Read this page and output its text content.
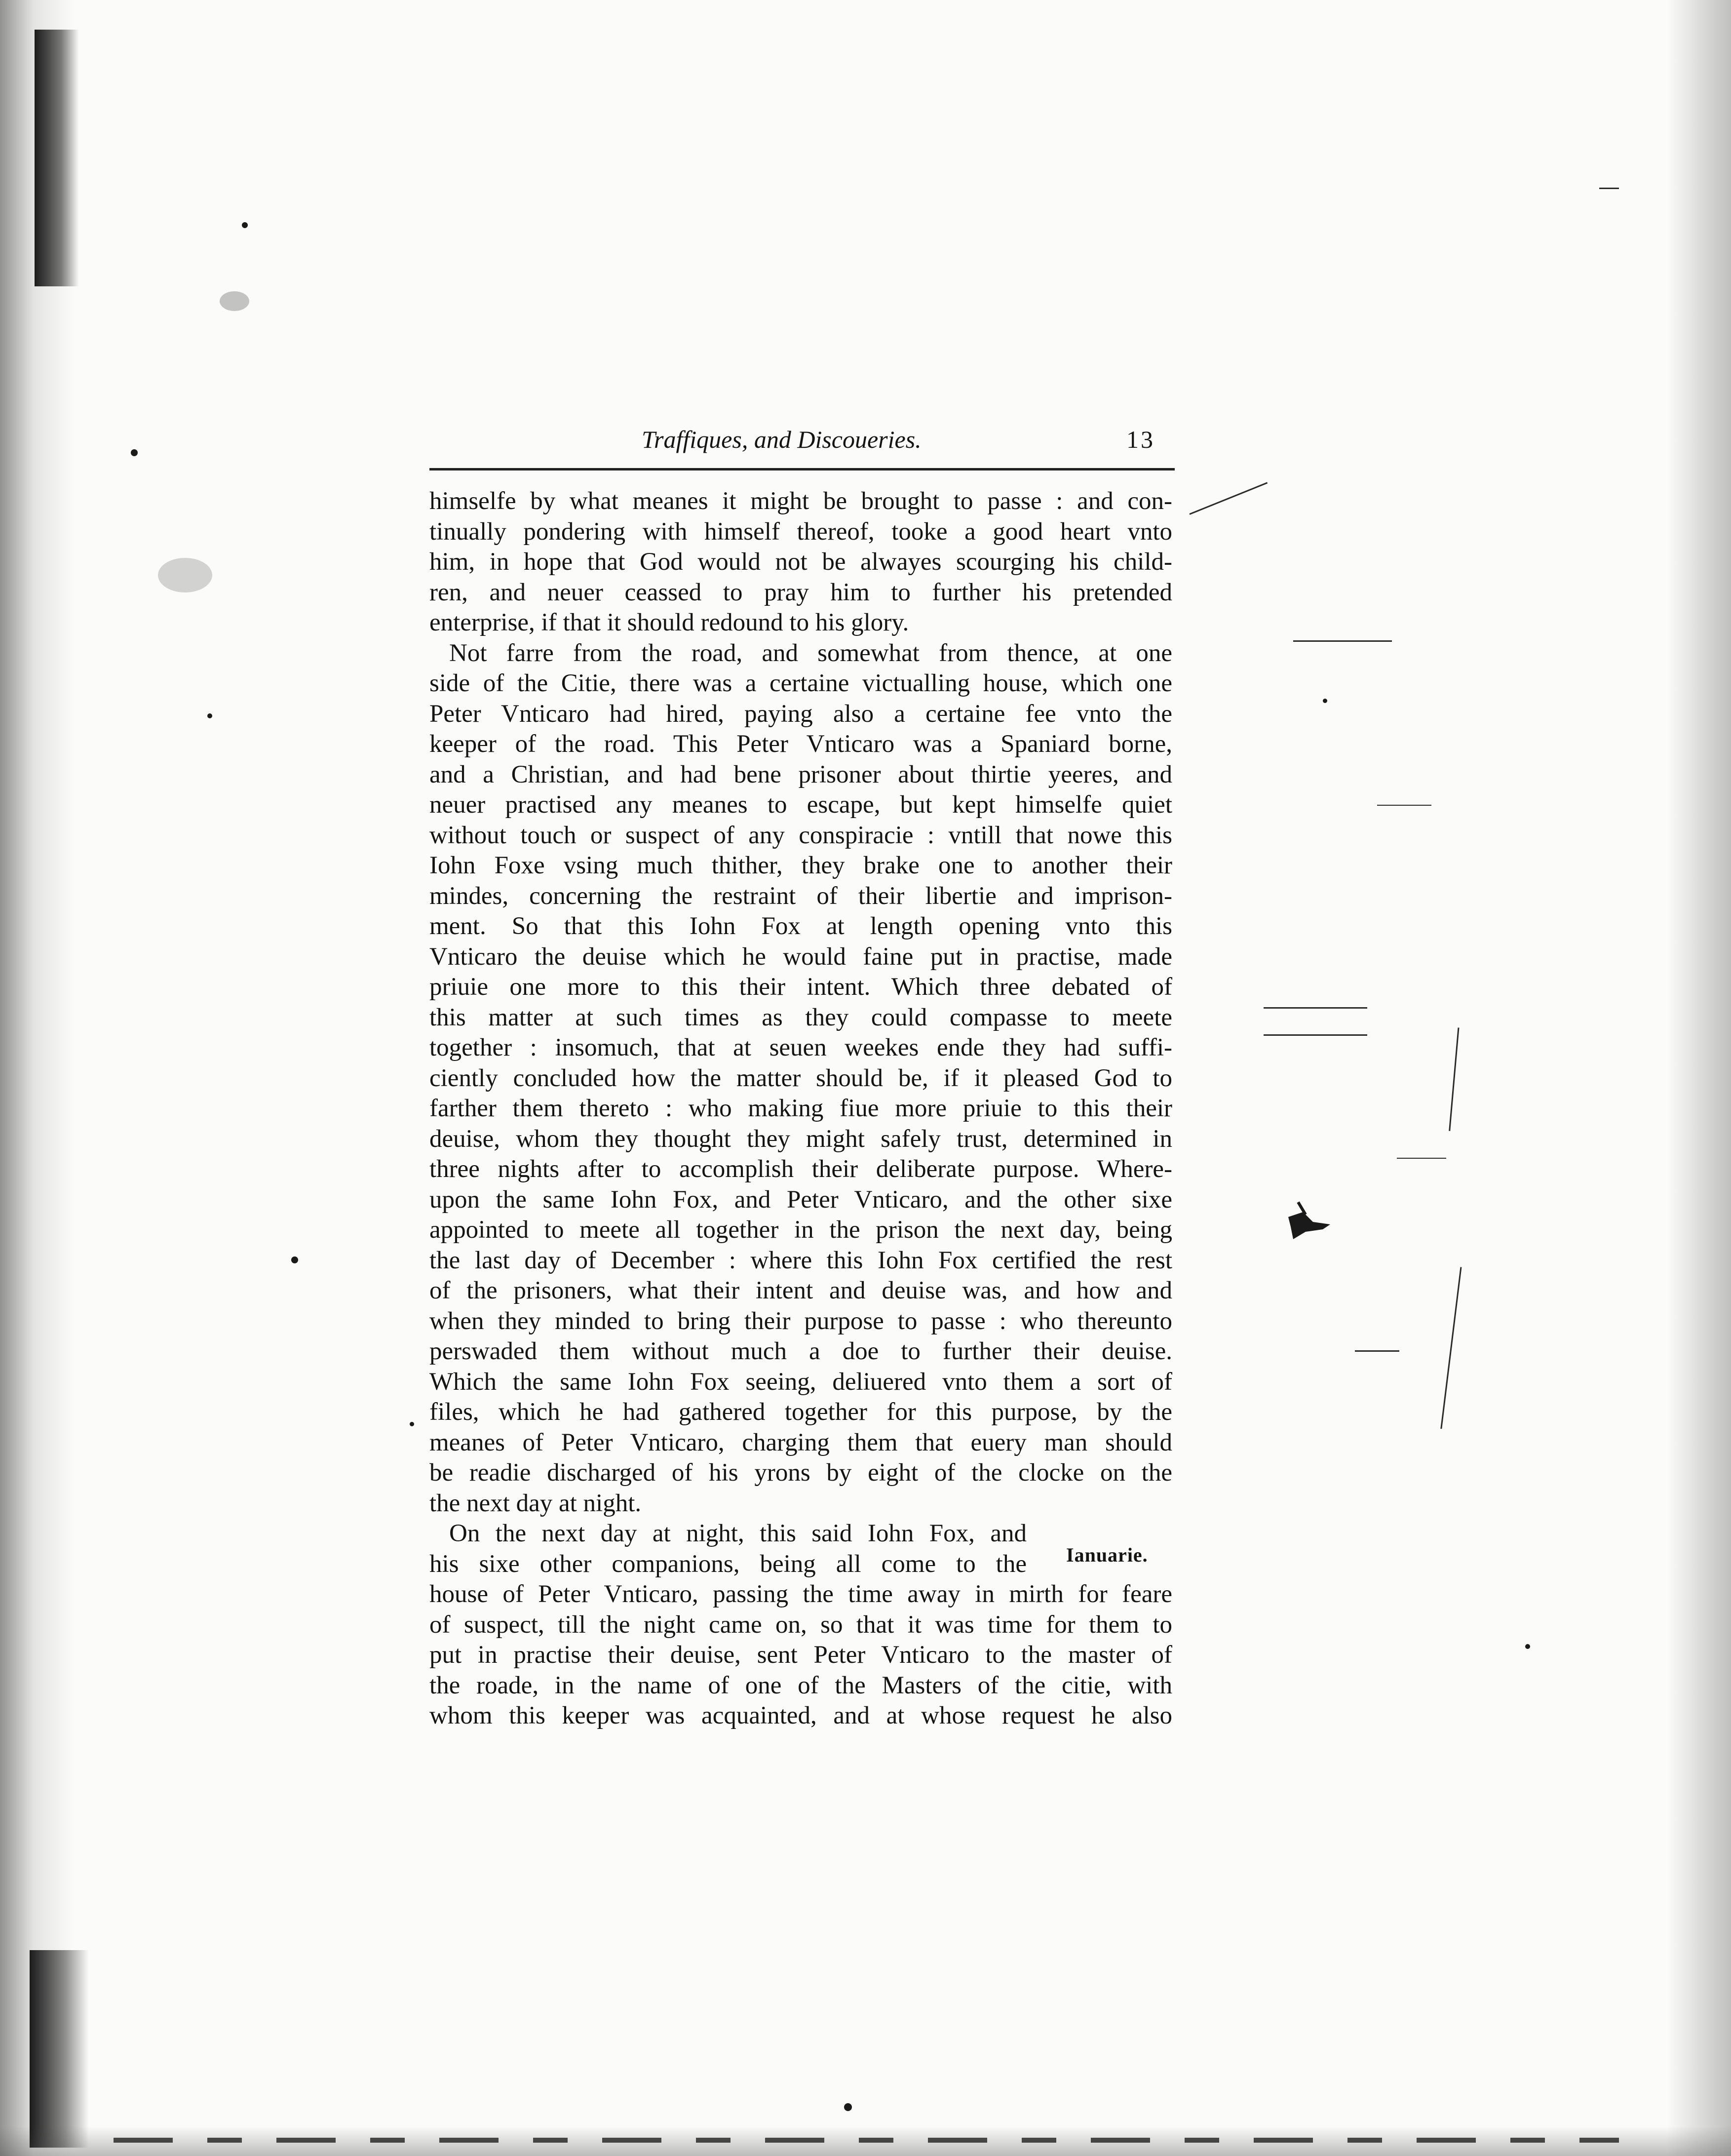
Traffiques, and Discoueries.	13
himselfe by what meanes it might be brought to passe : and con-
tinually pondering with himself thereof, tooke a good heart vnto
him, in hope that God would not be alwayes scourging his child-
ren, and neuer ceassed to pray him to further his pretended
enterprise, if that it should redound to his glory.
Not farre from the road, and somewhat from thence, at one
side of the Citie, there was a certaine victualling house, which one
Peter Vnticaro had hired, paying also a certaine fee vnto the
keeper of the road. This Peter Vnticaro was a Spaniard borne,
and a Christian, and had bene prisoner about thirtie yeeres, and
neuer practised any meanes to escape, but kept himselfe quiet
without touch or suspect of any conspiracie : vntill that nowe this
Iohn Foxe vsing much thither, they brake one to another their
mindes, concerning the restraint of their libertie and imprison-
ment. So that this Iohn Fox at length opening vnto this
Vnticaro the deuise which he would faine put in practise, made
priuie one more to this their intent. Which three debated of
this matter at such times as they could compasse to meete
together : insomuch, that at seuen weekes ende they had suffi-
ciently concluded how the matter should be, if it pleased God to
farther them thereto : who making fiue more priuie to this their
deuise, whom they thought they might safely trust, determined in
three nights after to accomplish their deliberate purpose. Where-
upon the same Iohn Fox, and Peter Vnticaro, and the other sixe
appointed to meete all together in the prison the next day, being
the last day of December : where this Iohn Fox certified the rest
of the prisoners, what their intent and deuise was, and how and
when they minded to bring their purpose to passe : who thereunto
perswaded them without much a doe to further their deuise.
Which the same Iohn Fox seeing, deliuered vnto them a sort of
files, which he had gathered together for this purpose, by the
meanes of Peter Vnticaro, charging them that euery man should
be readie discharged of his yrons by eight of the clocke on the
the next day at night.
On the next day at night, this said Iohn Fox, and
his sixe other companions, being all come to the
house of Peter Vnticaro, passing the time away in mirth for feare
of suspect, till the night came on, so that it was time for them to
put in practise their deuise, sent Peter Vnticaro to the master of
the roade, in the name of one of the Masters of the citie, with
whom this keeper was acquainted, and at whose request he also
Ianuarie.
